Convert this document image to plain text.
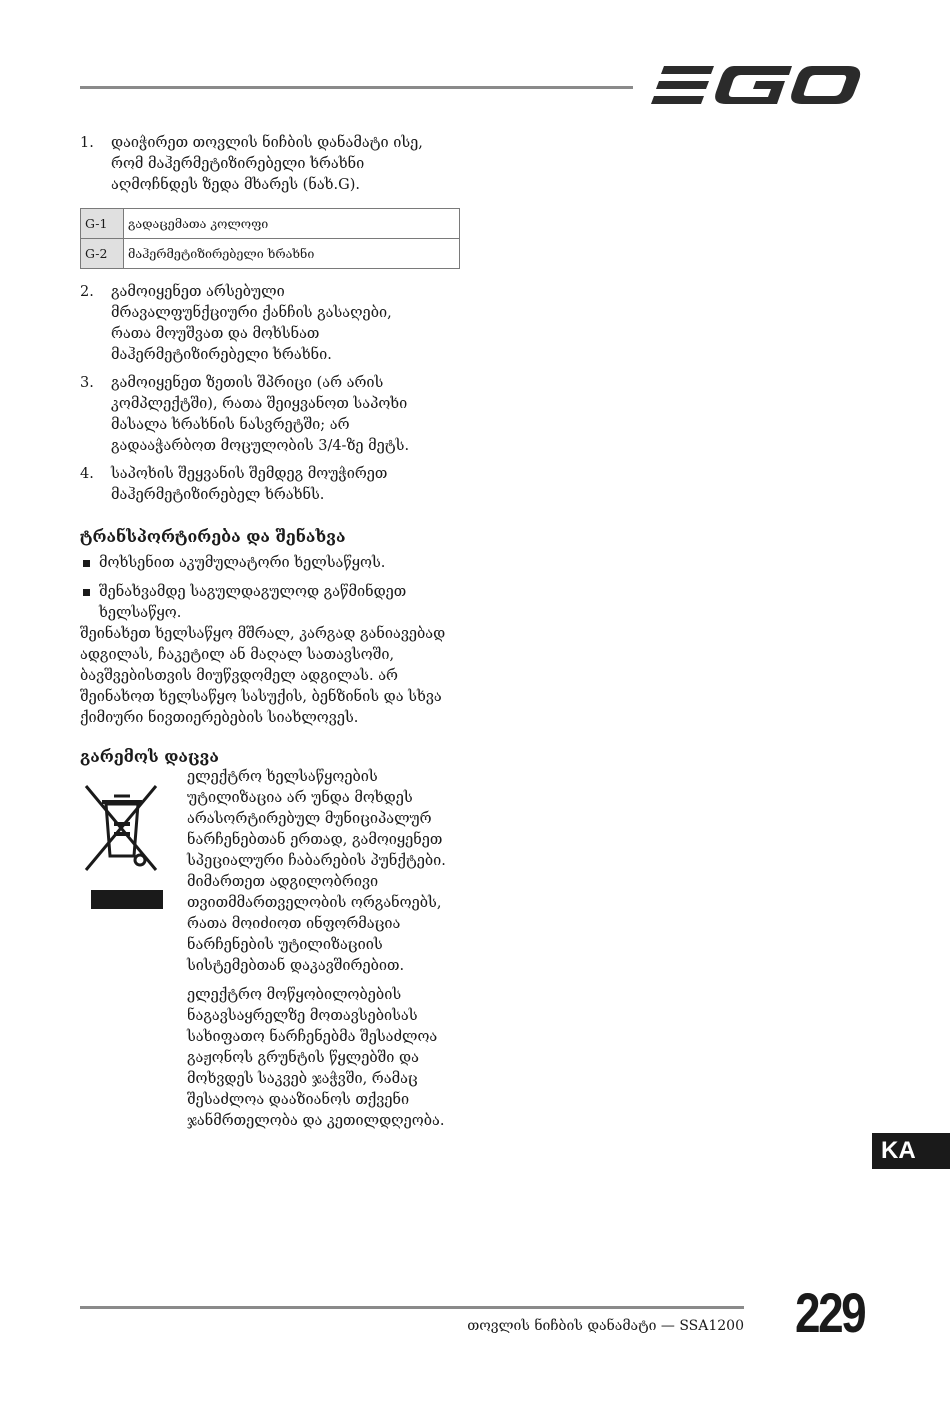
1. დაიჭირეთ თოვლის ნიჩბის დანამატი ისე, რომ მაჰერმეტიზირებელი ხრახნი აღმოჩნდეს ზედა მხარეს (ნახ.G).

G-1	გადაცემათა კოლოფი
G-2	მაჰერმეტიზირებელი ხრახნი
2. გამოიყენეთ არსებული მრავალფუნქციური ქანჩის გასაღები, რათა მოუშვათ და მოხსნათ მაჰერმეტიზირებელი ხრახნი.

3. გამოიყენეთ ზეთის შპრიცი (არ არის კომპლექტში), რათა შეიყვანოთ საპოხი მასალა ხრახნის ნასვრეტში; არ გადააჭარბოთ მოცულობის 3/4-ზე მეტს.

4. საპოხის შეყვანის შემდეგ მოუჭირეთ მაჰერმეტიზირებელ ხრახნს.

ტრანსპორტირება და შენახვა

მოხსენით აკუმულატორი ხელსაწყოს.

შენახვამდე საგულდაგულოდ გაწმინდეთ ხელსაწყო.

შეინახეთ ხელსაწყო მშრალ, კარგად განიავებად ადგილას, ჩაკეტილ ან მაღალ სათავსოში, ბავშვებისთვის მიუწვდომელ ადგილას. არ შეინახოთ ხელსაწყო სასუქის, ბენზინის და სხვა ქიმიური ნივთიერებების სიახლოვეს.

გარემოს დაცვა

ელექტრო ხელსაწყოების უტილიზაცია არ უნდა მოხდეს არასორტირებულ მუნიციპალურ ნარჩენებთან ერთად, გამოიყენეთ სპეციალური ჩაბარების პუნქტები. მიმართეთ ადგილობრივი თვითმმართველობის ორგანოებს, რათა მოიძიოთ ინფორმაცია ნარჩენების უტილიზაციის სისტემებთან დაკავშირებით.

ელექტრო მოწყობილობების ნაგავსაყრელზე მოთავსებისას სახიფათო ნარჩენებმა შესაძლოა გაჟონოს გრუნტის წყლებში და მოხვდეს საკვებ ჯაჭვში, რამაც შესაძლოა დააზიანოს თქვენი ჯანმრთელობა და კეთილდღეობა.

KA
თოვლის ნიჩბის დანამატი — SSA1200 229
